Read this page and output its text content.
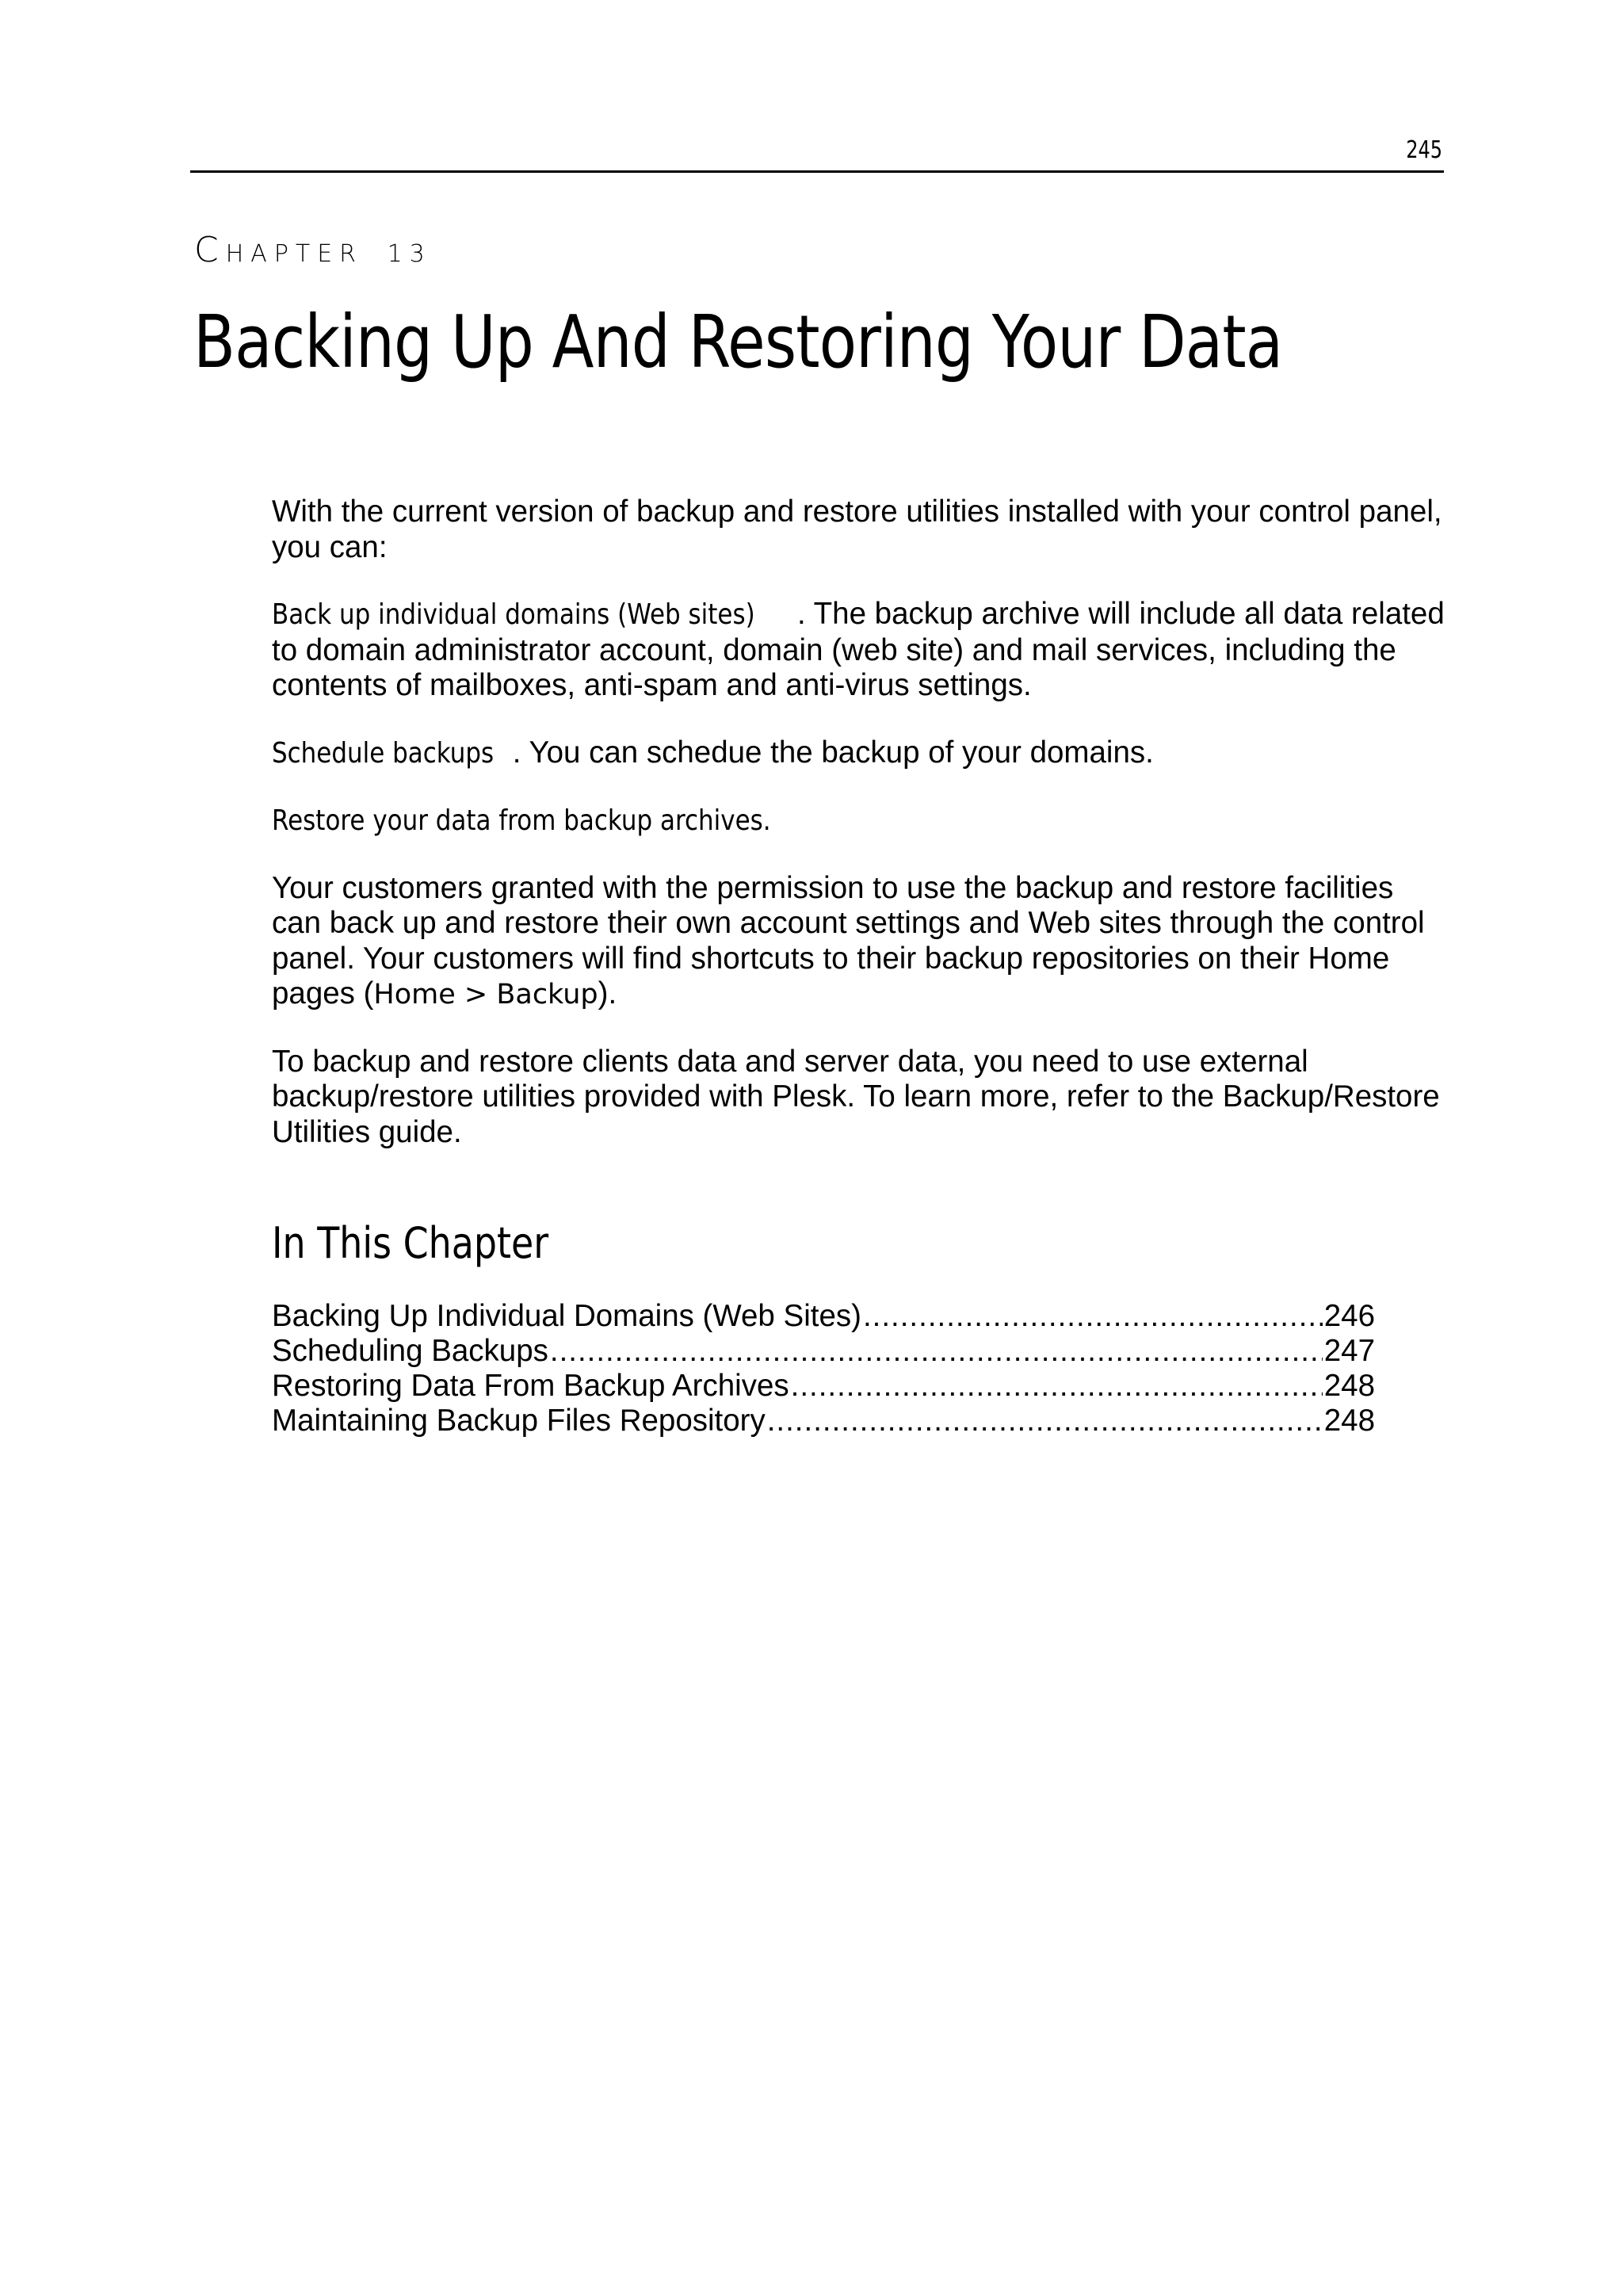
245
CHAPTER 13
Backing Up And Restoring Your Data

With the current version of backup and restore utilities installed with your control panel, you can:

Back up individual domains (Web sites) . The backup archive will include all data related to domain administrator account, domain (web site) and mail services, including the contents of mailboxes, anti-spam and anti-virus settings.

Schedule backups . You can schedue the backup of your domains.

Restore your data from backup archives.

Your customers granted with the permission to use the backup and restore facilities can back up and restore their own account settings and Web sites through the control panel. Your customers will find shortcuts to their backup repositories on their Home pages (Home > Backup).

To backup and restore clients data and server data, you need to use external backup/restore utilities provided with Plesk. To learn more, refer to the Backup/Restore Utilities guide.

In This Chapter
Backing Up Individual Domains (Web Sites) .....	246
Scheduling Backups .....	247
Restoring Data From Backup Archives .....	248
Maintaining Backup Files Repository .....	248
